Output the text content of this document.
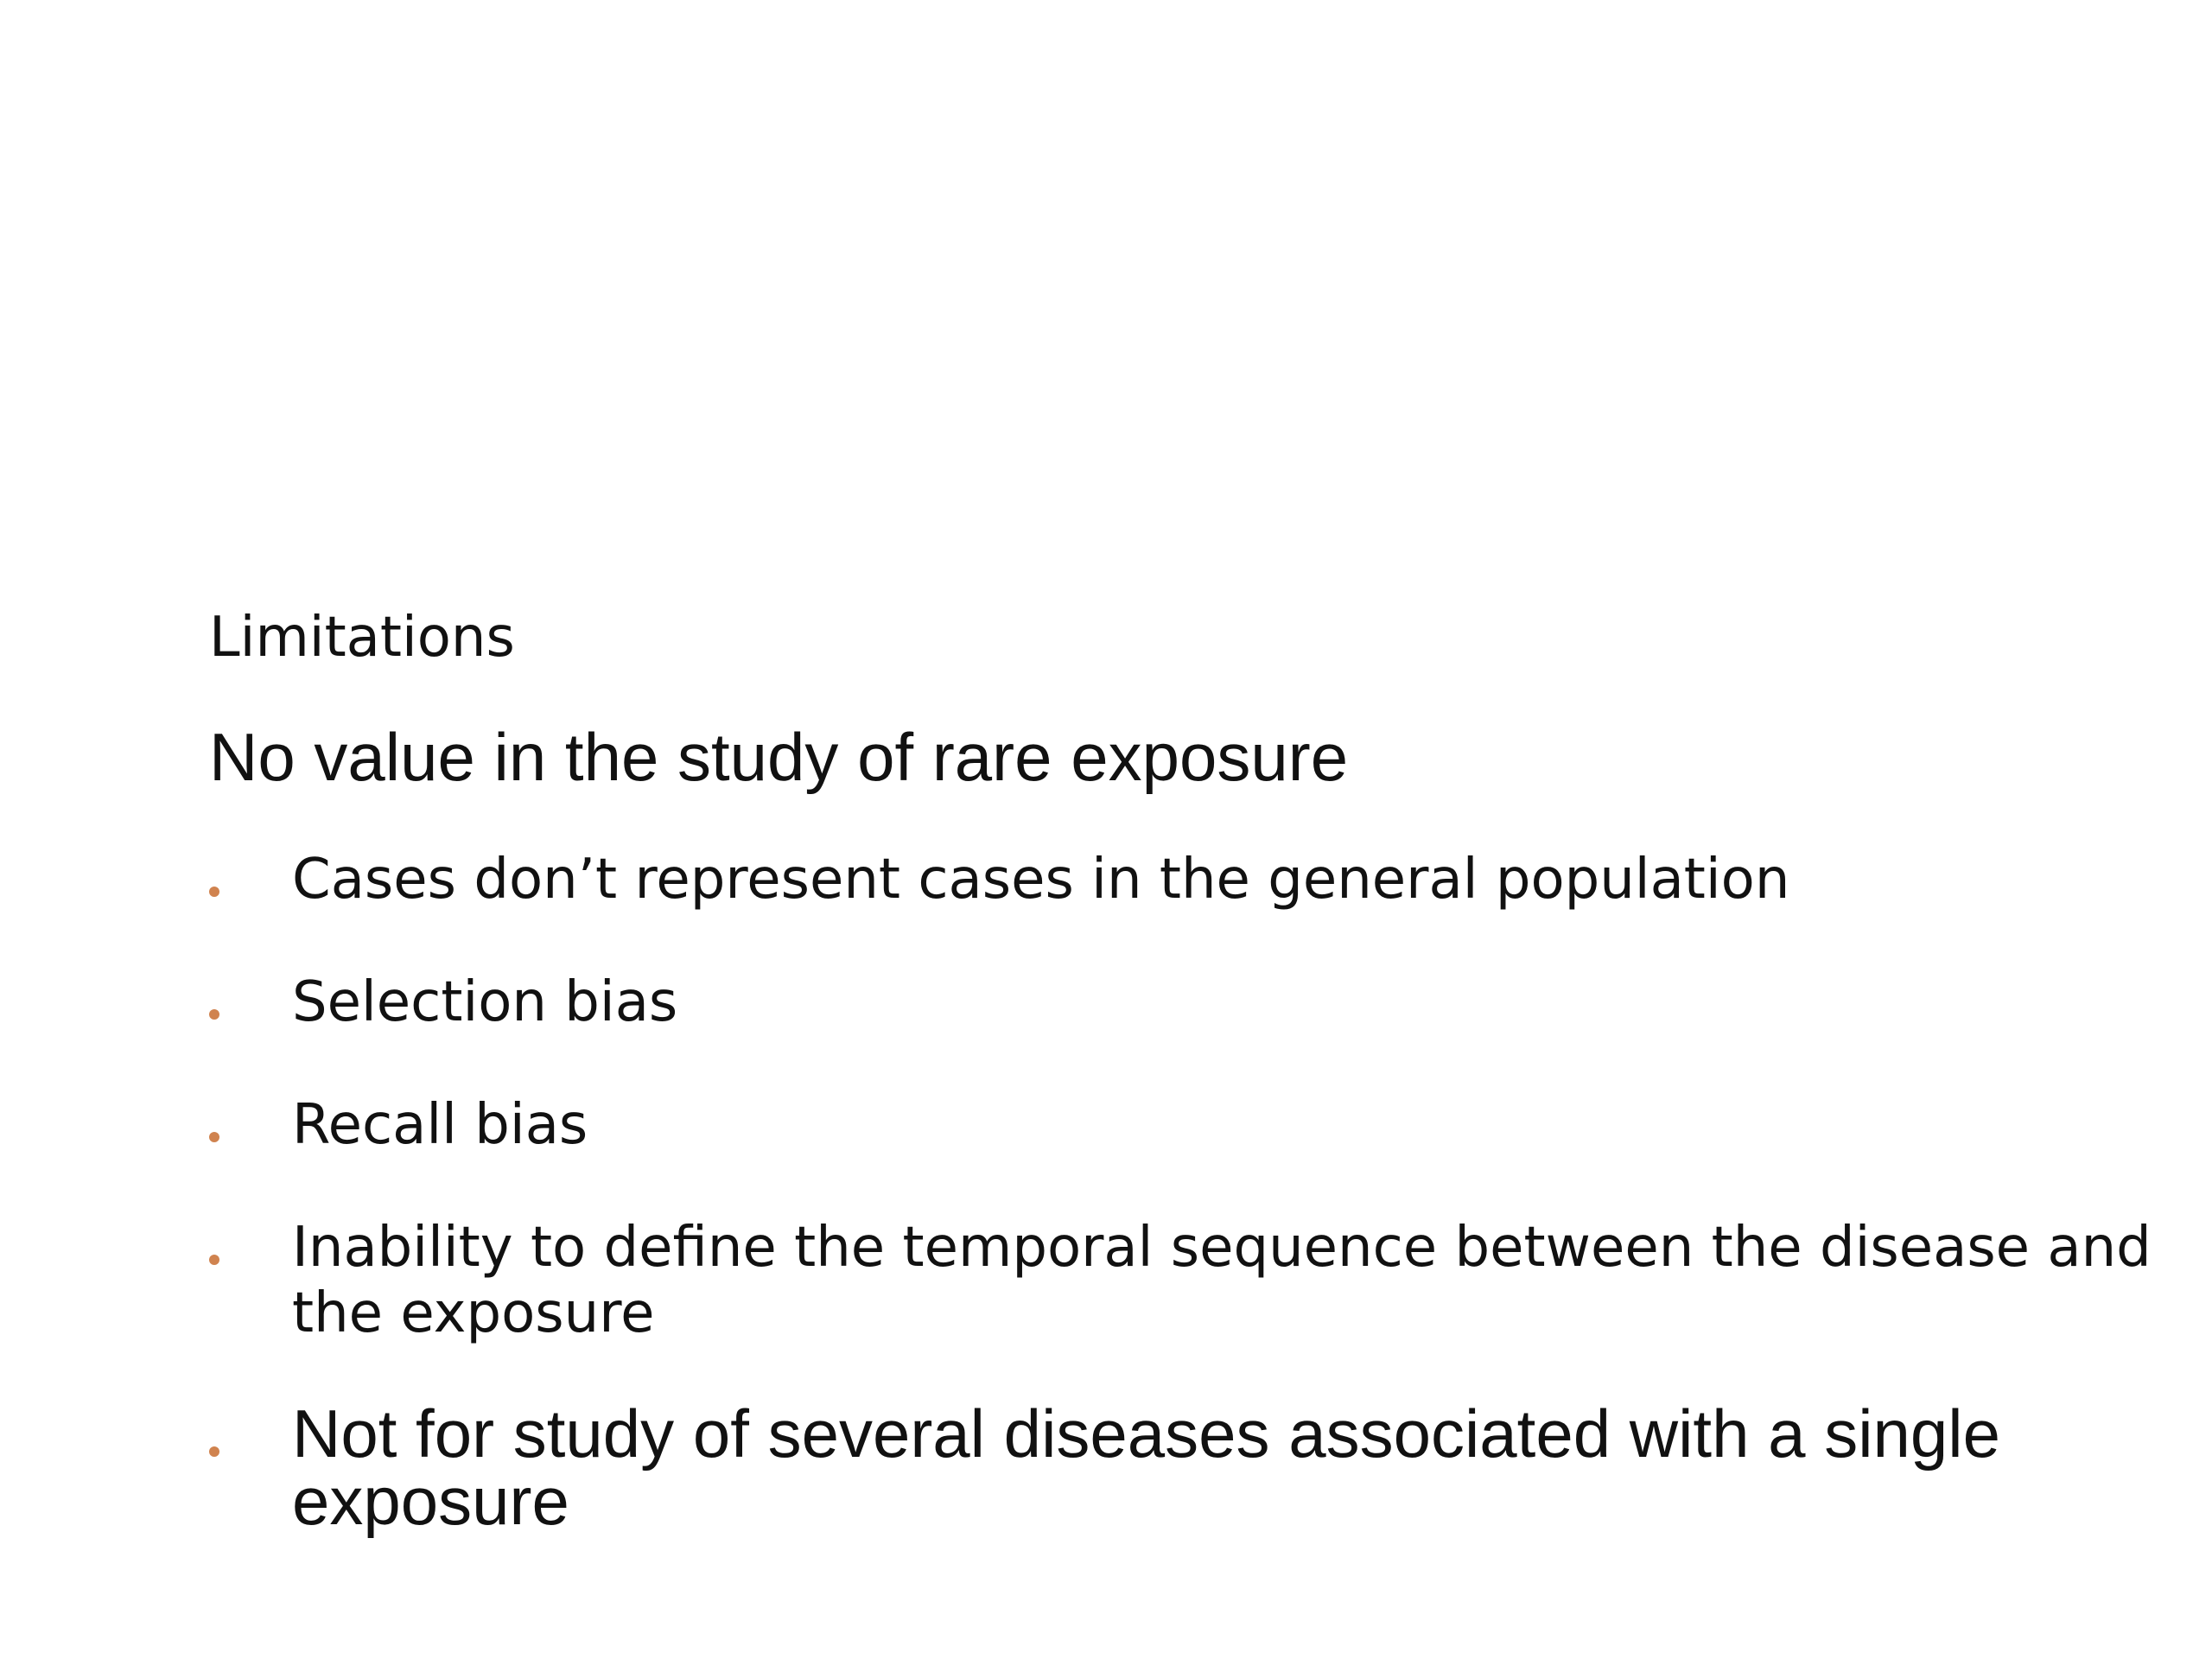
Limitations
No value in the study of rare exposure
Cases don’t represent cases in the general population
Selection bias
Recall bias
Inability to define the temporal sequence between the disease and the exposure
Not for study of several diseases associated with a single exposure
